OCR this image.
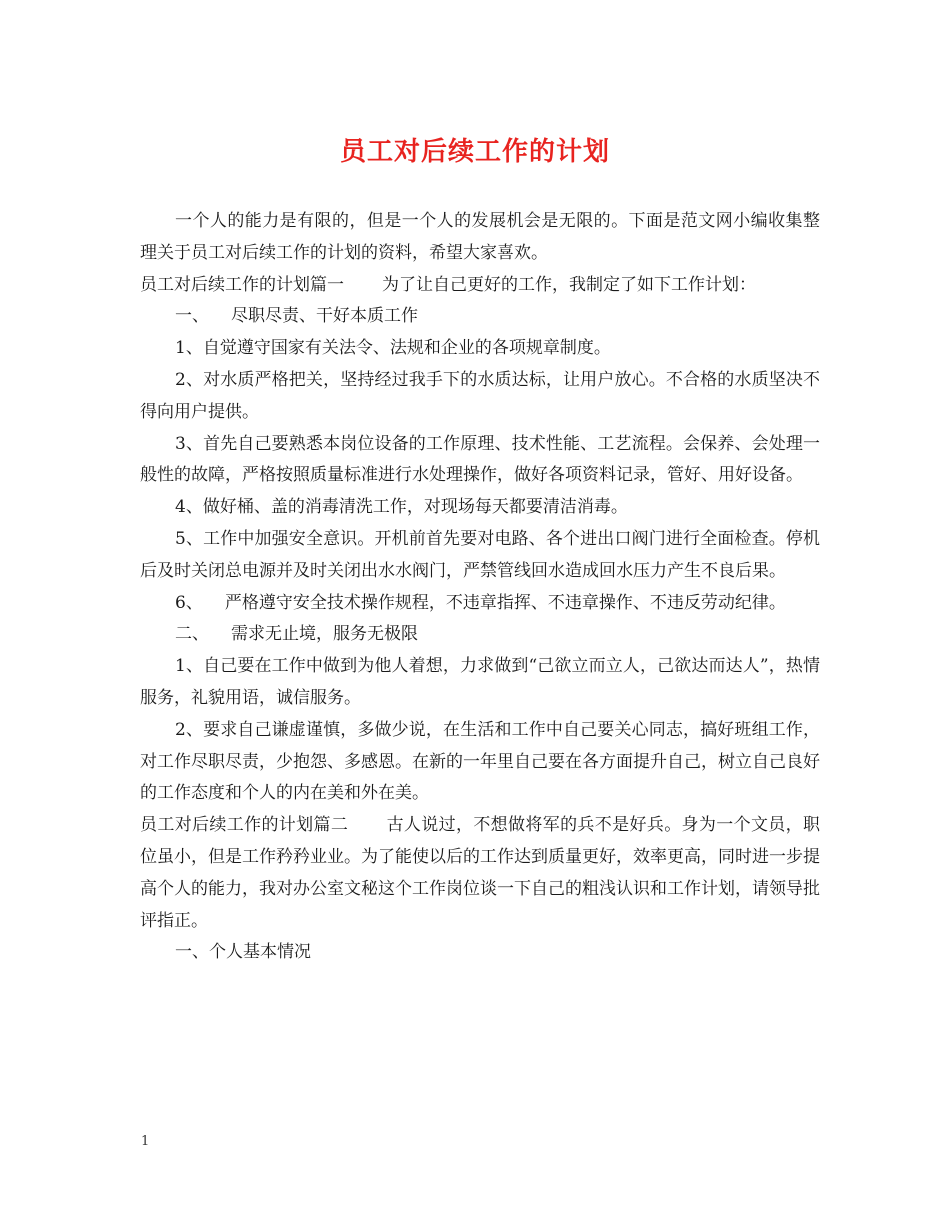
员工对后续工作的计划

一个人的能力是有限的，但是一个人的发展机会是无限的。下面是范文网小编收集整理关于员工对后续工作的计划的资料，希望大家喜欢。

员工对后续工作的计划篇一 为了让自己更好的工作，我制定了如下工作计划：

一、 尽职尽责、干好本质工作

1、自觉遵守国家有关法令、法规和企业的各项规章制度。

2、对水质严格把关，坚持经过我手下的水质达标，让用户放心。不合格的水质坚决不得向用户提供。

3、首先自己要熟悉本岗位设备的工作原理、技术性能、工艺流程。会保养、会处理一般性的故障，严格按照质量标准进行水处理操作，做好各项资料记录，管好、用好设备。

4、做好桶、盖的消毒清洗工作，对现场每天都要清洁消毒。

5、工作中加强安全意识。开机前首先要对电路、各个进出口阀门进行全面检查。停机后及时关闭总电源并及时关闭出水水阀门，严禁管线回水造成回水压力产生不良后果。

6、 严格遵守安全技术操作规程，不违章指挥、不违章操作、不违反劳动纪律。

二、 需求无止境，服务无极限

1、自己要在工作中做到为他人着想，力求做到“己欲立而立人，己欲达而达人”，热情服务，礼貌用语，诚信服务。

2、要求自己谦虚谨慎，多做少说，在生活和工作中自己要关心同志，搞好班组工作，对工作尽职尽责，少抱怨、多感恩。在新的一年里自己要在各方面提升自己，树立自己良好的工作态度和个人的内在美和外在美。

员工对后续工作的计划篇二 古人说过，不想做将军的兵不是好兵。身为一个文员，职位虽小，但是工作矜矜业业。为了能使以后的工作达到质量更好，效率更高，同时进一步提高个人的能力，我对办公室文秘这个工作岗位谈一下自己的粗浅认识和工作计划，请领导批评指正。

一、个人基本情况

1
